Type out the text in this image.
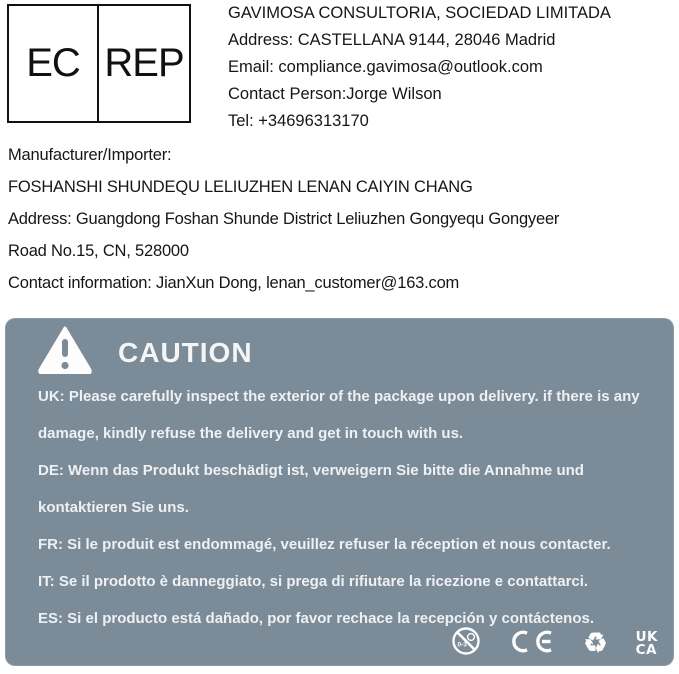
EC REP
GAVIMOSA CONSULTORIA, SOCIEDAD LIMITADA
Address: CASTELLANA 9144, 28046 Madrid
Email: compliance.gavimosa@outlook.com
Contact Person:Jorge Wilson
Tel: +34696313170
Manufacturer/Importer:
FOSHANSHI SHUNDEQU LELIUZHEN LENAN CAIYIN CHANG
Address: Guangdong Foshan Shunde District Leliuzhen Gongyequ Gongyeer
Road No.15, CN, 528000
Contact information: JianXun Dong, lenan_customer@163.com
CAUTION
UK: Please carefully inspect the exterior of the package upon delivery. if there is any
damage, kindly refuse the delivery and get in touch with us.
DE: Wenn das Produkt beschädigt ist, verweigern Sie bitte die Annahme und
kontaktieren Sie uns.
FR: Si le produit est endommagé, veuillez refuser la réception et nous contacter.
IT: Se il prodotto è danneggiato, si prega di rifiutare la ricezione e contattarci.
ES: Si el producto está dañado, por favor rechace la recepción y contáctenos.
0-3	♻ UK
CA
